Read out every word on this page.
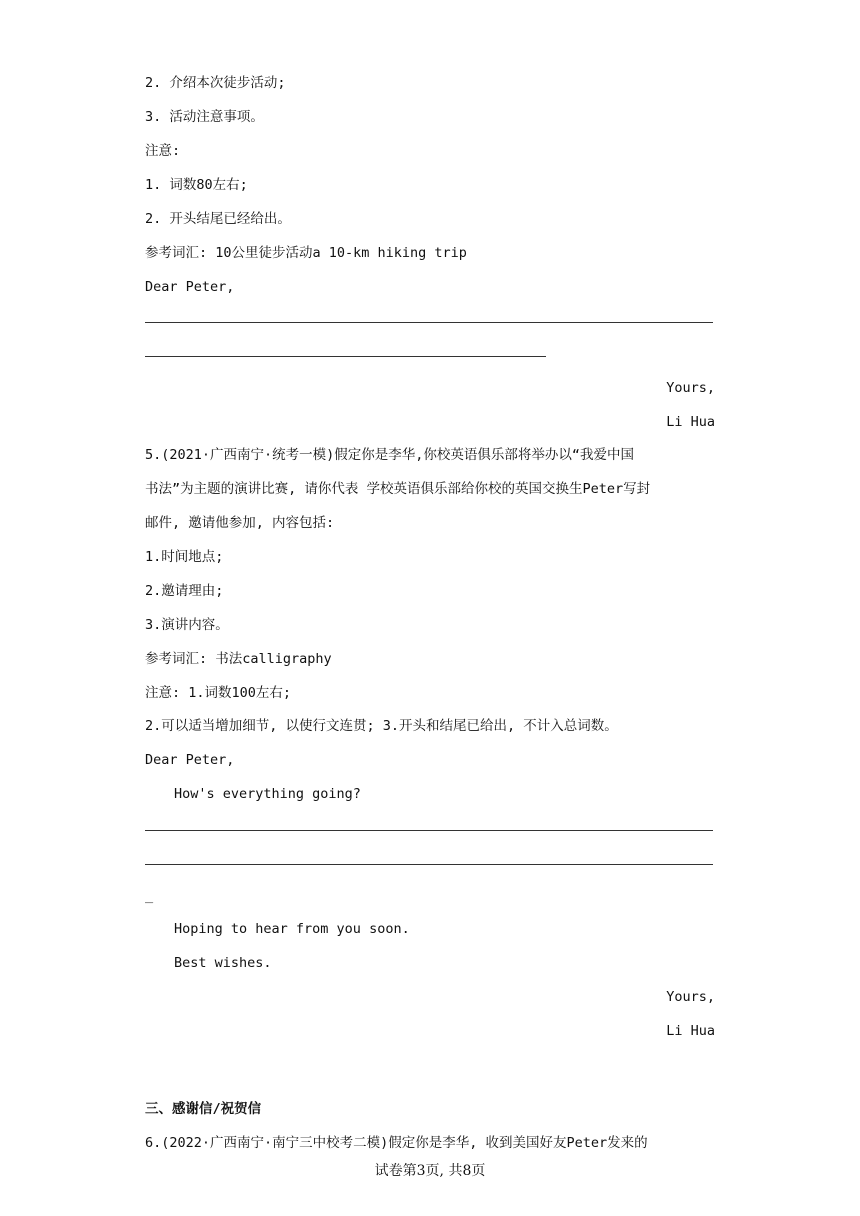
2. 介绍本次徒步活动;
3. 活动注意事项。
注意:
1. 词数80左右;
2. 开头结尾已经给出。
参考词汇: 10公里徒步活动a 10-km hiking trip
Dear Peter,
Yours,
Li Hua
5.(2021·广西南宁·统考一模)假定你是李华,你校英语俱乐部将举办以“我爱中国
书法”为主题的演讲比赛, 请你代表 学校英语俱乐部给你校的英国交换生Peter写封
邮件, 邀请他参加, 内容包括:
1.时间地点;
2.邀请理由;
3.演讲内容。
参考词汇: 书法calligraphy
注意: 1.词数100左右;
2.可以适当增加细节, 以使行文连贯; 3.开头和结尾已给出, 不计入总词数。
Dear Peter,
How's everything going?
_
Hoping to hear from you soon.
Best wishes.
Yours,
Li Hua
三、感谢信/祝贺信
6.(2022·广西南宁·南宁三中校考二模)假定你是李华, 收到美国好友Peter发来的
试卷第3页, 共8页
